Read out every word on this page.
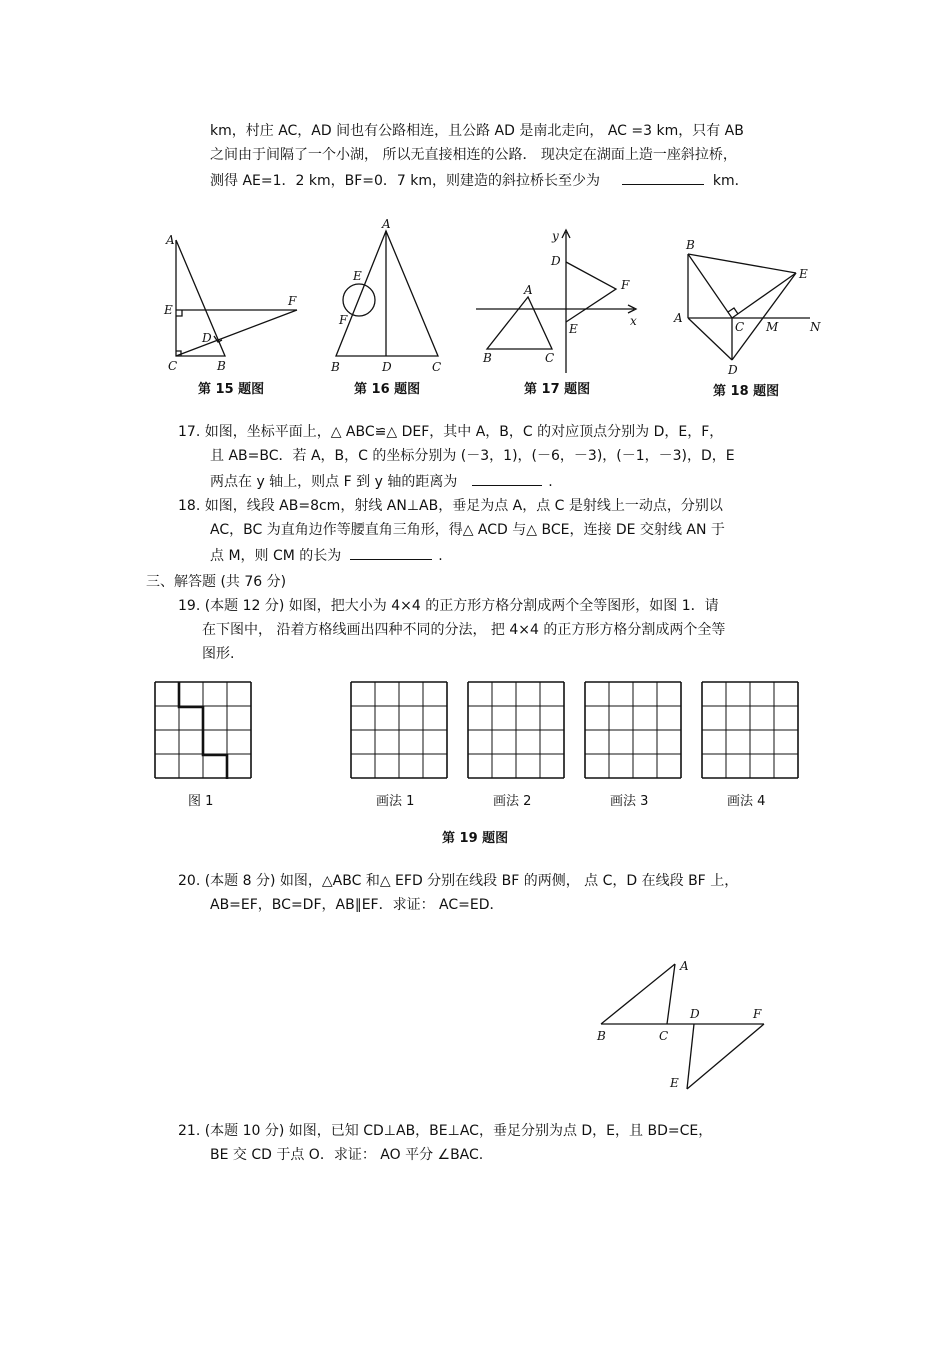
km，村庄 AC，AD 间也有公路相连，且公路 AD 是南北走向， AC =3 km，只有 AB
之间由于间隔了一个小湖， 所以无直接相连的公路． 现决定在湖面上造一座斜拉桥，
测得 AE=1．2 km，BF=0．7 km，则建造的斜拉桥长至少为	km．
A
E
D
C	B
F
第 15 题图
A
E
F
B	D	C
第 16 题图
y
D
F
A
E
x
B	C
第 17 题图
B
E
A
C M	N
D
第 18 题图
17. 如图，坐标平面上，△ ABC≌△ DEF，其中 A，B，C 的对应顶点分别为 D，E，F，
且 AB=BC．若 A，B，C 的坐标分别为 (－3，1)，(－6，－3)，(－1，－3)，D，E
两点在 y 轴上，则点 F 到 y 轴的距离为	.
18. 如图，线段 AB=8cm，射线 AN⊥AB，垂足为点 A，点 C 是射线上一动点，分别以
AC，BC 为直角边作等腰直角三角形，得△ ACD 与△ BCE，连接 DE 交射线 AN 于
点 M，则 CM 的长为	.
三、解答题 (共 76 分)
19. (本题 12 分) 如图，把大小为 4×4 的正方形方格分割成两个全等图形，如图 1．请
在下图中， 沿着方格线画出四种不同的分法， 把 4×4 的正方形方格分割成两个全等
图形.
图 1	画法 1	画法 2	画法 3	画法 4
第 19 题图
20. (本题 8 分) 如图，△ABC 和△ EFD 分别在线段 BF 的两侧， 点 C，D 在线段 BF 上，
AB=EF，BC=DF，AB∥EF．求证： AC=ED．
A
B	C
D	F
E
21. (本题 10 分) 如图，已知 CD⊥AB，BE⊥AC，垂足分别为点 D，E，且 BD=CE，
BE 交 CD 于点 O．求证： AO 平分 ∠BAC.
